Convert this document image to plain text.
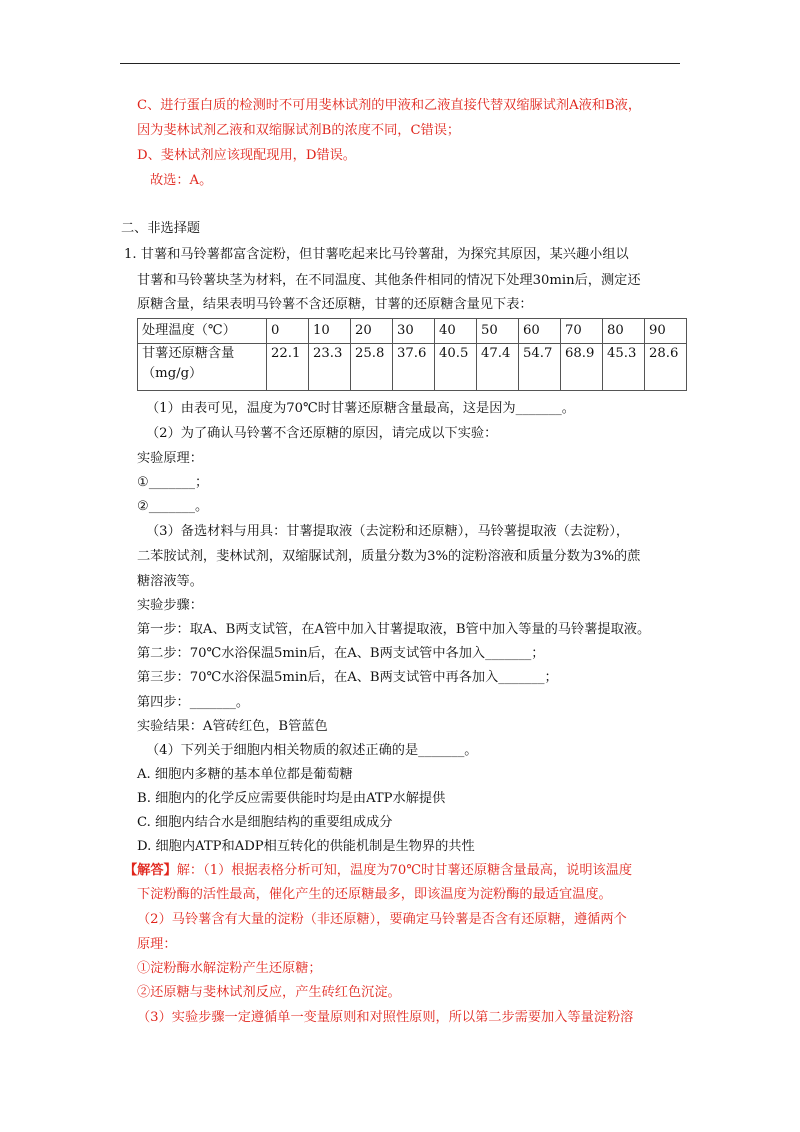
C、进行蛋白质的检测时不可用斐林试剂的甲液和乙液直接代替双缩脲试剂A液和B液，
因为斐林试剂乙液和双缩脲试剂B的浓度不同，C错误；
D、斐林试剂应该现配现用，D错误。
故选：A。
二、非选择题
1. 甘薯和马铃薯都富含淀粉，但甘薯吃起来比马铃薯甜，为探究其原因，某兴趣小组以
甘薯和马铃薯块茎为材料，在不同温度、其他条件相同的情况下处理30min后，测定还
原糖含量，结果表明马铃薯不含还原糖，甘薯的还原糖含量见下表：
处理温度（℃）	0	10	20	30	40	50	60	70	80	90

甘薯还原糖含量
（mg/g）	22.1	23.3	25.8	37.6	40.5	47.4	54.7	68.9	45.3	28.6
（1）由表可见，温度为70℃时甘薯还原糖含量最高，这是因为_______。
（2）为了确认马铃薯不含还原糖的原因，请完成以下实验：
实验原理：
①_______；
②_______。
（3）备选材料与用具：甘薯提取液（去淀粉和还原糖），马铃薯提取液（去淀粉），
二苯胺试剂，斐林试剂，双缩脲试剂，质量分数为3%的淀粉溶液和质量分数为3%的蔗
糖溶液等。
实验步骤：
第一步：取A、B两支试管，在A管中加入甘薯提取液，B管中加入等量的马铃薯提取液。
第二步：70℃水浴保温5min后，在A、B两支试管中各加入_______；
第三步：70℃水浴保温5min后，在A、B两支试管中再各加入_______；
第四步：_______。
实验结果：A管砖红色，B管蓝色
（4）下列关于细胞内相关物质的叙述正确的是_______。
A. 细胞内多糖的基本单位都是葡萄糖
B. 细胞内的化学反应需要供能时均是由ATP水解提供
C. 细胞内结合水是细胞结构的重要组成成分
D. 细胞内ATP和ADP相互转化的供能机制是生物界的共性
【解答】解：（1）根据表格分析可知，温度为70℃时甘薯还原糖含量最高，说明该温度
下淀粉酶的活性最高，催化产生的还原糖最多，即该温度为淀粉酶的最适宜温度。
（2）马铃薯含有大量的淀粉（非还原糖），要确定马铃薯是否含有还原糖，遵循两个
原理：
①淀粉酶水解淀粉产生还原糖；
②还原糖与斐林试剂反应，产生砖红色沉淀。
（3）实验步骤一定遵循单一变量原则和对照性原则，所以第二步需要加入等量淀粉溶
